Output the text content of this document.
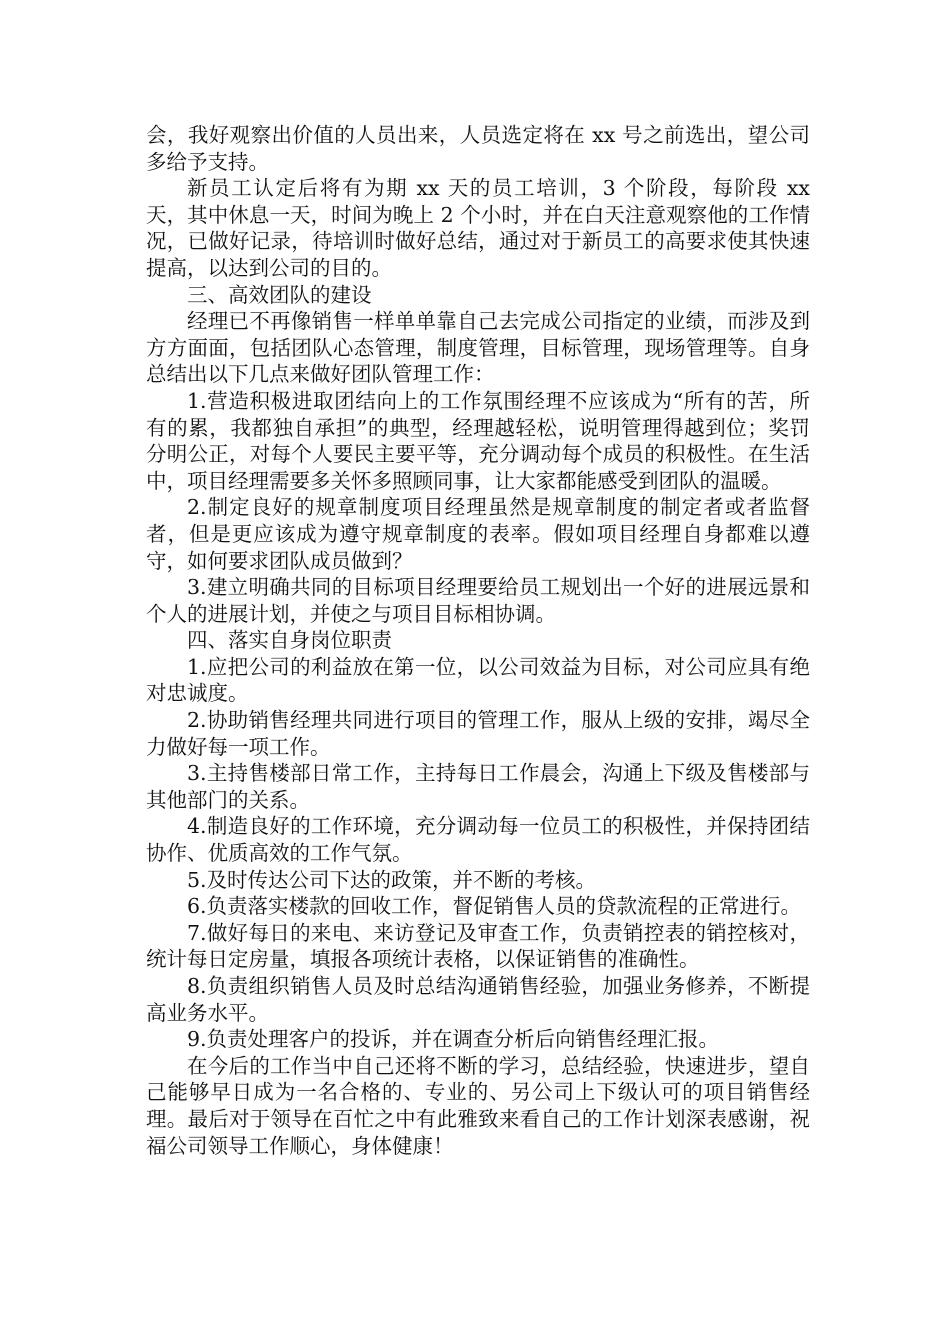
会，我好观察出价值的人员出来，人员选定将在 xx 号之前选出，望公司多给予支持。

新员工认定后将有为期 xx 天的员工培训，3 个阶段，每阶段 xx 天，其中休息一天，时间为晚上 2 个小时，并在白天注意观察他的工作情况，已做好记录，待培训时做好总结，通过对于新员工的高要求使其快速提高，以达到公司的目的。

三、高效团队的建设

经理已不再像销售一样单单靠自己去完成公司指定的业绩，而涉及到方方面面，包括团队心态管理，制度管理，目标管理，现场管理等。自身总结出以下几点来做好团队管理工作：

1.营造积极进取团结向上的工作氛围经理不应该成为“所有的苦，所有的累，我都独自承担”的典型，经理越轻松，说明管理得越到位；奖罚分明公正，对每个人要民主要平等，充分调动每个成员的积极性。在生活中，项目经理需要多关怀多照顾同事，让大家都能感受到团队的温暖。

2.制定良好的规章制度项目经理虽然是规章制度的制定者或者监督者，但是更应该成为遵守规章制度的表率。假如项目经理自身都难以遵守，如何要求团队成员做到？

3.建立明确共同的目标项目经理要给员工规划出一个好的进展远景和个人的进展计划，并使之与项目目标相协调。

四、落实自身岗位职责

1.应把公司的利益放在第一位，以公司效益为目标，对公司应具有绝对忠诚度。

2.协助销售经理共同进行项目的管理工作，服从上级的安排，竭尽全力做好每一项工作。

3.主持售楼部日常工作，主持每日工作晨会，沟通上下级及售楼部与其他部门的关系。

4.制造良好的工作环境，充分调动每一位员工的积极性，并保持团结协作、优质高效的工作气氛。

5.及时传达公司下达的政策，并不断的考核。

6.负责落实楼款的回收工作，督促销售人员的贷款流程的正常进行。

7.做好每日的来电、来访登记及审查工作，负责销控表的销控核对，统计每日定房量，填报各项统计表格，以保证销售的准确性。

8.负责组织销售人员及时总结沟通销售经验，加强业务修养，不断提高业务水平。

9.负责处理客户的投诉，并在调查分析后向销售经理汇报。

在今后的工作当中自己还将不断的学习，总结经验，快速进步，望自己能够早日成为一名合格的、专业的、另公司上下级认可的项目销售经理。最后对于领导在百忙之中有此雅致来看自己的工作计划深表感谢，祝福公司领导工作顺心，身体健康！
